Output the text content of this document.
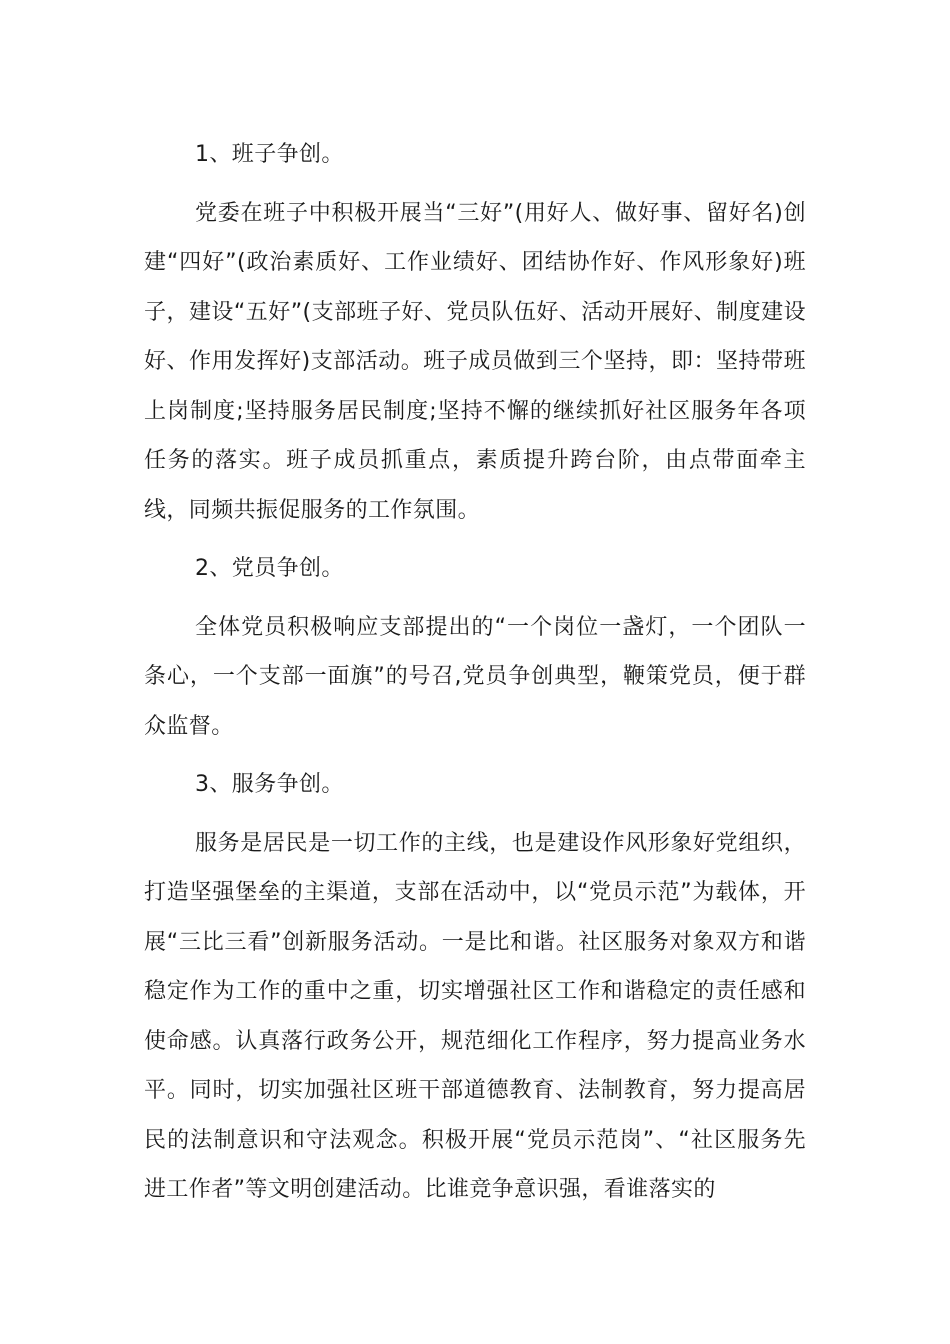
1、班子争创。

党委在班子中积极开展当“三好”(用好人、做好事、留好名)创建“四好”(政治素质好、工作业绩好、团结协作好、作风形象好)班子，建设“五好”(支部班子好、党员队伍好、活动开展好、制度建设好、作用发挥好)支部活动。班子成员做到三个坚持，即：坚持带班上岗制度;坚持服务居民制度;坚持不懈的继续抓好社区服务年各项任务的落实。班子成员抓重点，素质提升跨台阶，由点带面牵主线，同频共振促服务的工作氛围。

2、党员争创。

全体党员积极响应支部提出的“一个岗位一盏灯，一个团队一条心，一个支部一面旗”的号召,党员争创典型，鞭策党员，便于群众监督。

3、服务争创。

服务是居民是一切工作的主线，也是建设作风形象好党组织，打造坚强堡垒的主渠道，支部在活动中，以“党员示范”为载体，开展“三比三看”创新服务活动。一是比和谐。社区服务对象双方和谐稳定作为工作的重中之重，切实增强社区工作和谐稳定的责任感和使命感。认真落行政务公开，规范细化工作程序，努力提高业务水平。同时，切实加强社区班干部道德教育、法制教育，努力提高居民的法制意识和守法观念。积极开展“党员示范岗”、“社区服务先进工作者”等文明创建活动。比谁竞争意识强，看谁落实的
